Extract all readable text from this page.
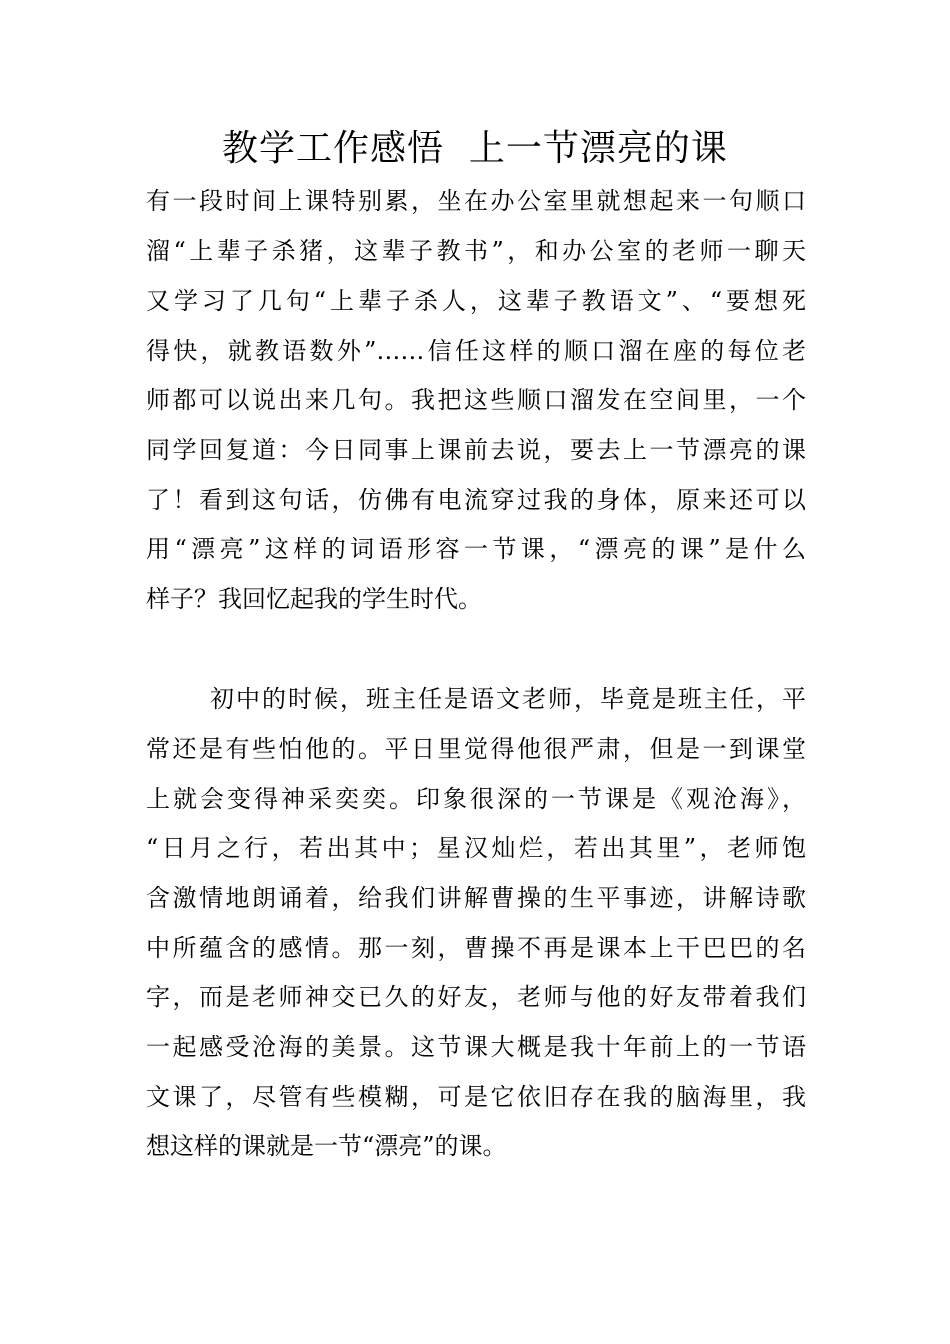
教学工作感悟  上一节漂亮的课
有一段时间上课特别累，坐在办公室里就想起来一句顺口
溜“上辈子杀猪，这辈子教书”，和办公室的老师一聊天
又学习了几句“上辈子杀人，这辈子教语文”、“要想死
得快，就教语数外”……信任这样的顺口溜在座的每位老
师都可以说出来几句。我把这些顺口溜发在空间里，一个
同学回复道：今日同事上课前去说，要去上一节漂亮的课
了！看到这句话，仿佛有电流穿过我的身体，原来还可以
用“漂亮”这样的词语形容一节课，“漂亮的课”是什么
样子？我回忆起我的学生时代。
初中的时候，班主任是语文老师，毕竟是班主任，平
常还是有些怕他的。平日里觉得他很严肃，但是一到课堂
上就会变得神采奕奕。印象很深的一节课是《观沧海》，
“日月之行，若出其中；星汉灿烂，若出其里”，老师饱
含激情地朗诵着，给我们讲解曹操的生平事迹，讲解诗歌
中所蕴含的感情。那一刻，曹操不再是课本上干巴巴的名
字，而是老师神交已久的好友，老师与他的好友带着我们
一起感受沧海的美景。这节课大概是我十年前上的一节语
文课了，尽管有些模糊，可是它依旧存在我的脑海里，我
想这样的课就是一节“漂亮”的课。
